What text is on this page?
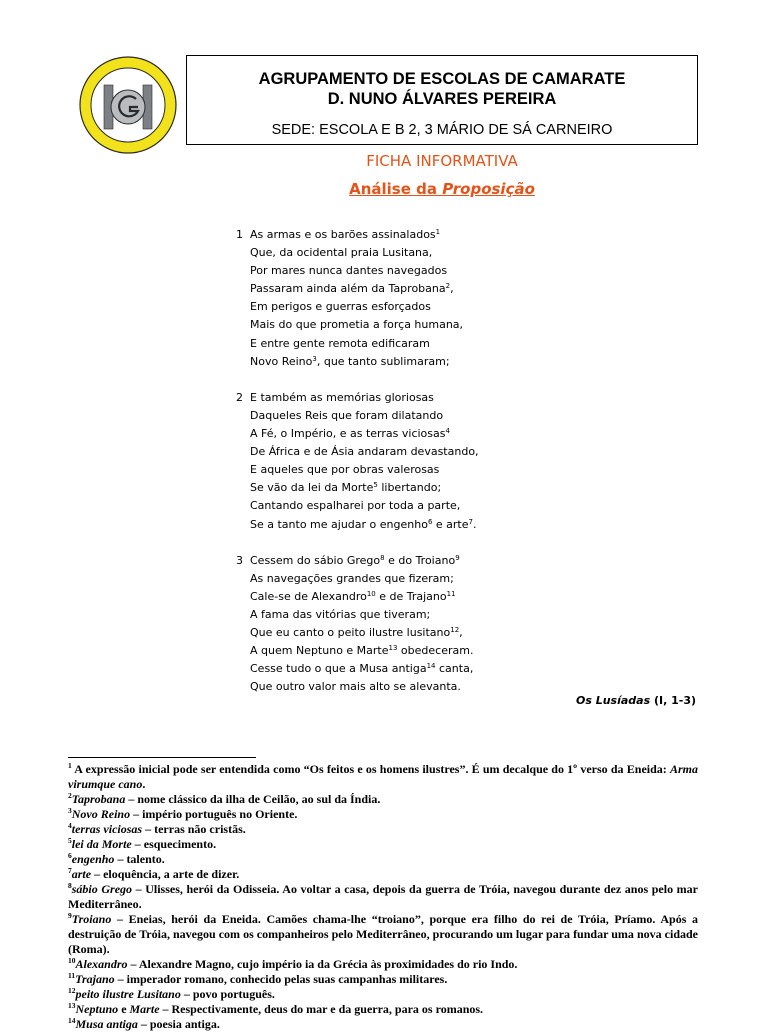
AGRUPAMENTO DE ESCOLAS DE CAMARATE
D. NUNO ÁLVARES PEREIRA
SEDE: ESCOLA E B 2, 3 MÁRIO DE SÁ CARNEIRO
FICHA INFORMATIVA
Análise da Proposição
1 As armas e os barões assinalados$^1$
Que, da ocidental praia Lusitana,
Por mares nunca dantes navegados
Passaram ainda além da Taprobana$^2$,
Em perigos e guerras esforçados
Mais do que prometia a força humana,
E entre gente remota edificaram
Novo Reino$^3$, que tanto sublimaram;
2 E também as memórias gloriosas
Daqueles Reis que foram dilatando
A Fé, o Império, e as terras viciosas$^4$
De África e de Ásia andaram devastando,
E aqueles que por obras valerosas
Se vão da lei da Morte$^5$ libertando;
Cantando espalharei por toda a parte,
Se a tanto me ajudar o engenho$^6$ e arte$^7$.
3 Cessem do sábio Grego$^8$ e do Troiano$^9$
As navegações grandes que fizeram;
Cale-se de Alexandro$^{10}$ e de Trajano$^{11}$
A fama das vitórias que tiveram;
Que eu canto o peito ilustre lusitano$^{12}$,
A quem Neptuno e Marte$^{13}$ obedeceram.
Cesse tudo o que a Musa antiga$^{14}$ canta,
Que outro valor mais alto se alevanta.
Os Lusíadas (I, 1-3)

$^1$ A expressão inicial pode ser entendida como “Os feitos e os homens ilustres”. É um decalque do 1º verso da Eneida: Arma virumque cano.

$^2$Taprobana – nome clássico da ilha de Ceilão, ao sul da Índia.

$^3$Novo Reino – império português no Oriente.

$^4$terras viciosas – terras não cristãs.

$^5$lei da Morte – esquecimento.

$^6$engenho – talento.

$^7$arte – eloquência, a arte de dizer.

$^8$sábio Grego – Ulisses, herói da Odisseia. Ao voltar a casa, depois da guerra de Tróia, navegou durante dez anos pelo mar Mediterrâneo.

$^9$Troiano – Eneias, herói da Eneida. Camões chama-lhe “troiano”, porque era filho do rei de Tróia, Príamo. Após a destruição de Tróia, navegou com os companheiros pelo Mediterrâneo, procurando um lugar para fundar uma nova cidade (Roma).

$^{10}$Alexandro – Alexandre Magno, cujo império ia da Grécia às proximidades do rio Indo.

$^{11}$Trajano – imperador romano, conhecido pelas suas campanhas militares.

$^{12}$peito ilustre Lusitano – povo português.

$^{13}$Neptuno e Marte – Respectivamente, deus do mar e da guerra, para os romanos.

$^{14}$Musa antiga – poesia antiga.
